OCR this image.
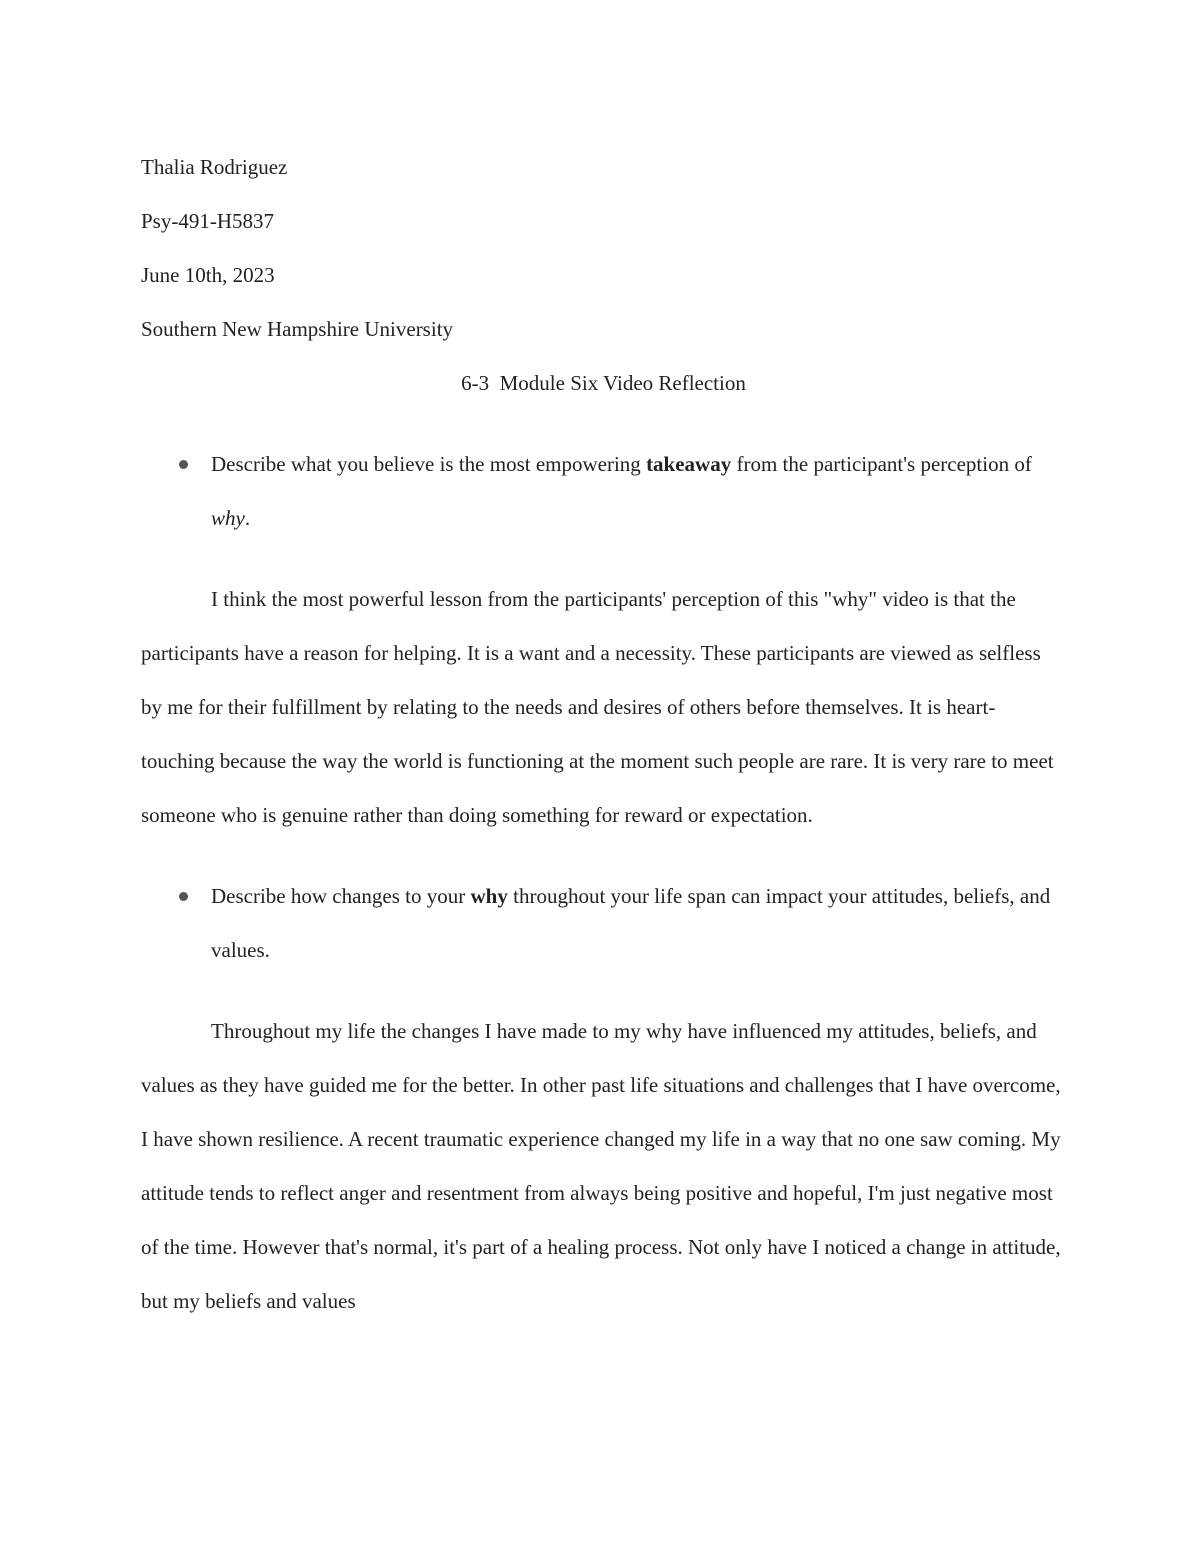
Thalia Rodriguez

Psy-491-H5837

June 10th, 2023

Southern New Hampshire University

6-3  Module Six Video Reflection

Describe what you believe is the most empowering takeaway from the participant's perception of why.

I think the most powerful lesson from the participants' perception of this "why" video is that the participants have a reason for helping. It is a want and a necessity. These participants are viewed as selfless by me for their fulfillment by relating to the needs and desires of others before themselves. It is heart-touching because the way the world is functioning at the moment such people are rare. It is very rare to meet someone who is genuine rather than doing something for reward or expectation.

Describe how changes to your why throughout your life span can impact your attitudes, beliefs, and values.

Throughout my life the changes I have made to my why have influenced my attitudes, beliefs, and values as they have guided me for the better. In other past life situations and challenges that I have overcome, I have shown resilience. A recent traumatic experience changed my life in a way that no one saw coming. My attitude tends to reflect anger and resentment from always being positive and hopeful, I'm just negative most of the time. However that's normal, it's part of a healing process. Not only have I noticed a change in attitude, but my beliefs and values
